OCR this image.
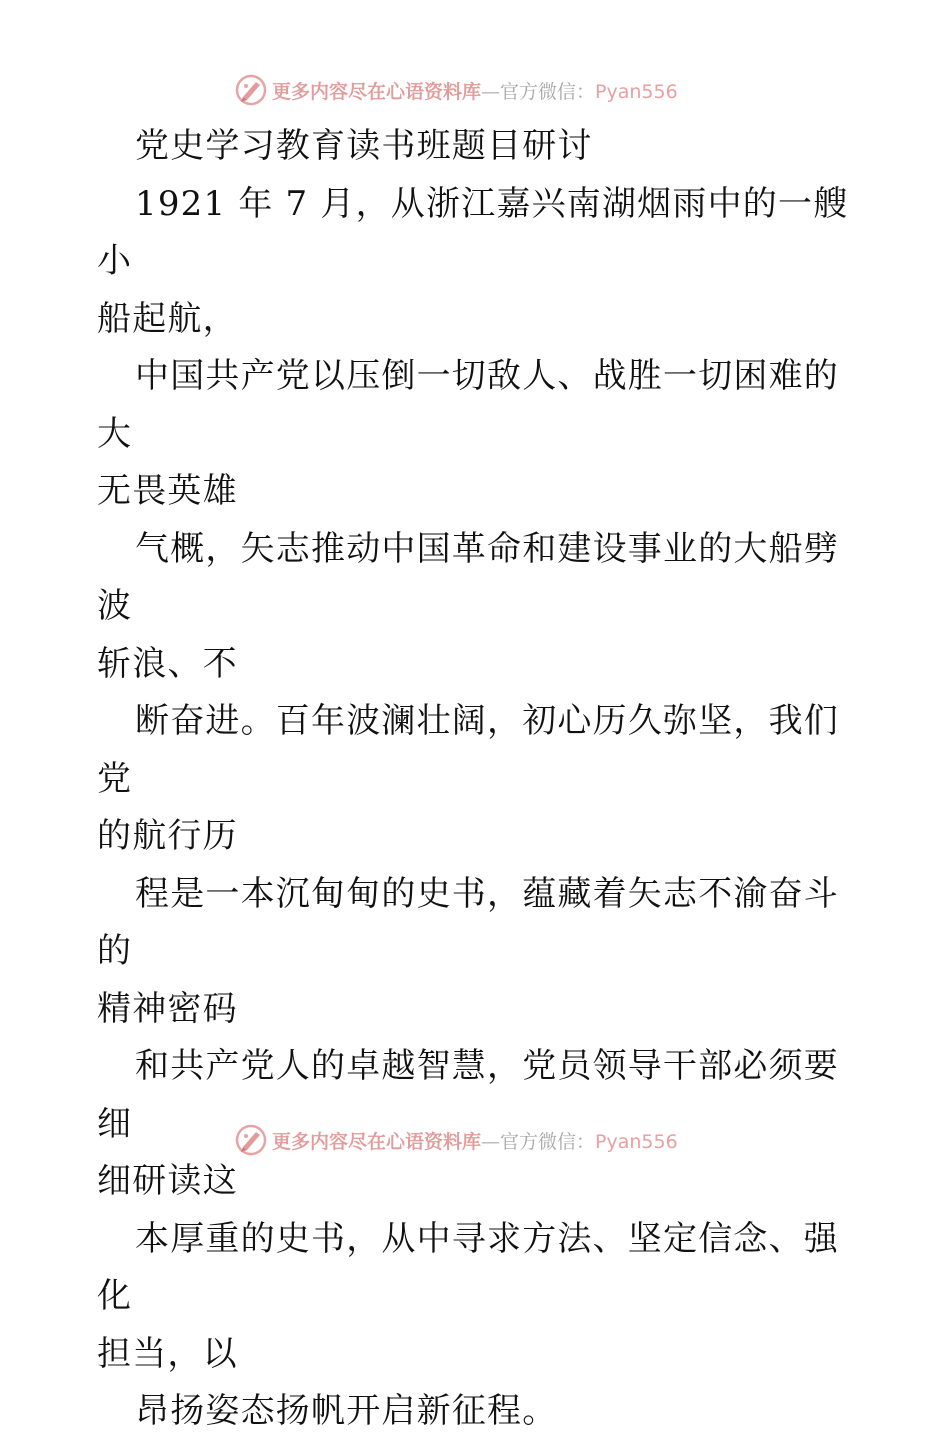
更多内容尽在心语资料库—官方微信：Pyan556

党史学习教育读书班题目研讨

1921 年 7 月，从浙江嘉兴南湖烟雨中的一艘小
船起航，

中国共产党以压倒一切敌人、战胜一切困难的大
无畏英雄

气概，矢志推动中国革命和建设事业的大船劈波
斩浪、不

断奋进。百年波澜壮阔，初心历久弥坚，我们党
的航行历

程是一本沉甸甸的史书，蕴藏着矢志不渝奋斗的
精神密码

和共产党人的卓越智慧，党员领导干部必须要细
细研读这

本厚重的史书，从中寻求方法、坚定信念、强化
担当，以

昂扬姿态扬帆开启新征程。

更多内容尽在心语资料库—官方微信：Pyan556
